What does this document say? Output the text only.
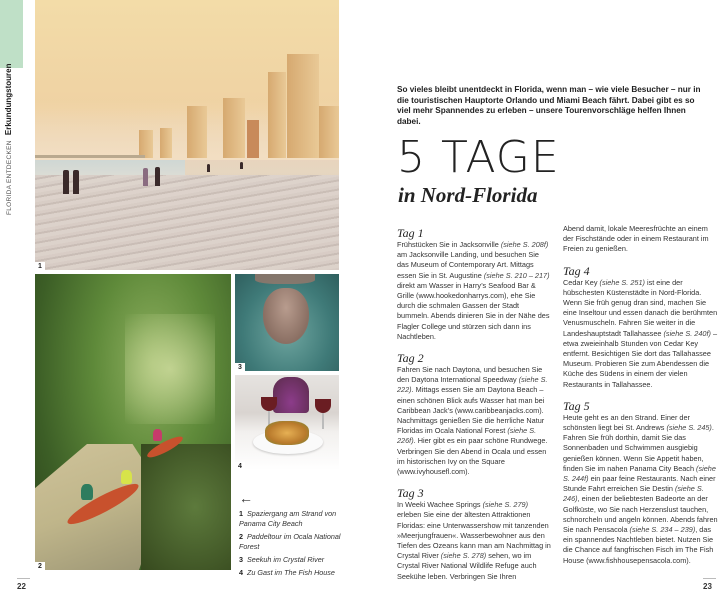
FLORIDA ENTDECKEN Erkundungstouren
1
2
3
4
←
1 Spaziergang am Strand von Panama City Beach
2 Paddeltour im Ocala National Forest
3 Seekuh im Crystal River
4 Zu Gast im The Fish House
22	23
So vieles bleibt unentdeckt in Florida, wenn man – wie viele Besucher – nur in die touristischen Hauptorte Orlando und Miami Beach fährt. Dabei gibt es so viel mehr Spannendes zu erleben – unsere Tourenvorschläge helfen Ihnen dabei.
5 TAGE
in Nord-Florida
Tag 1

Frühstücken Sie in Jacksonville (siehe S. 208f) am Jacksonville Landing, und besuchen Sie das Museum of Contemporary Art. Mittags essen Sie in St. Augustine (siehe S. 210 – 217) direkt am Wasser in Harry’s Seafood Bar & Grille (www.hookedonharrys.com), ehe Sie durch die schmalen Gassen der Stadt bummeln. Abends dinieren Sie in der Nähe des Flagler College und stürzen sich dann ins Nachtleben.

Tag 2

Fahren Sie nach Daytona, und besuchen Sie den Daytona International Speedway (siehe S. 222). Mittags essen Sie am Daytona Beach – einen schönen Blick aufs Wasser hat man bei Caribbean Jack’s (www.caribbeanjacks.com). Nachmittags genießen Sie die herrliche Natur Floridas im Ocala National Forest (siehe S. 226f). Hier gibt es ein paar schöne Rundwege. Verbringen Sie den Abend in Ocala und essen im historischen Ivy on the Square (www.ivyhousefl.com).

Tag 3

In Weeki Wachee Springs (siehe S. 279) erleben Sie eine der ältesten Attraktionen Floridas: eine Unterwassershow mit tanzenden »Meerjungfrauen«. Wasserbewohner aus den Tiefen des Ozeans kann man am Nachmittag in Crystal River (siehe S. 278) sehen, wo im Crystal River National Wildlife Refuge auch Seekühe leben. Verbringen Sie Ihren

Abend damit, lokale Meeresfrüchte an einem der Fischstände oder in einem Restaurant im Freien zu genießen.

Tag 4

Cedar Key (siehe S. 251) ist eine der hübschesten Küstenstädte in Nord-Florida. Wenn Sie früh genug dran sind, machen Sie eine Inseltour und essen danach die berühmten Venusmuscheln. Fahren Sie weiter in die Landeshauptstadt Tallahassee (siehe S. 240f) – etwa zweieinhalb Stunden von Cedar Key entfernt. Besichtigen Sie dort das Tallahassee Museum. Probieren Sie zum Abendessen die Küche des Südens in einem der vielen Restaurants in Tallahassee.

Tag 5

Heute geht es an den Strand. Einer der schönsten liegt bei St. Andrews (siehe S. 245). Fahren Sie früh dorthin, damit Sie das Sonnenbaden und Schwimmen ausgiebig genießen können. Wenn Sie Appetit haben, finden Sie im nahen Panama City Beach (siehe S. 244f) ein paar feine Restaurants. Nach einer Stunde Fahrt erreichen Sie Destin (siehe S. 246), einen der beliebtesten Badeorte an der Golfküste, wo Sie nach Herzenslust tauchen, schnorcheln und angeln können. Abends fahren Sie nach Pensacola (siehe S. 234 – 239), das ein spannendes Nachtleben bietet. Nutzen Sie die Chance auf fangfrischen Fisch im The Fish House (www.fishhousepensacola.com).
